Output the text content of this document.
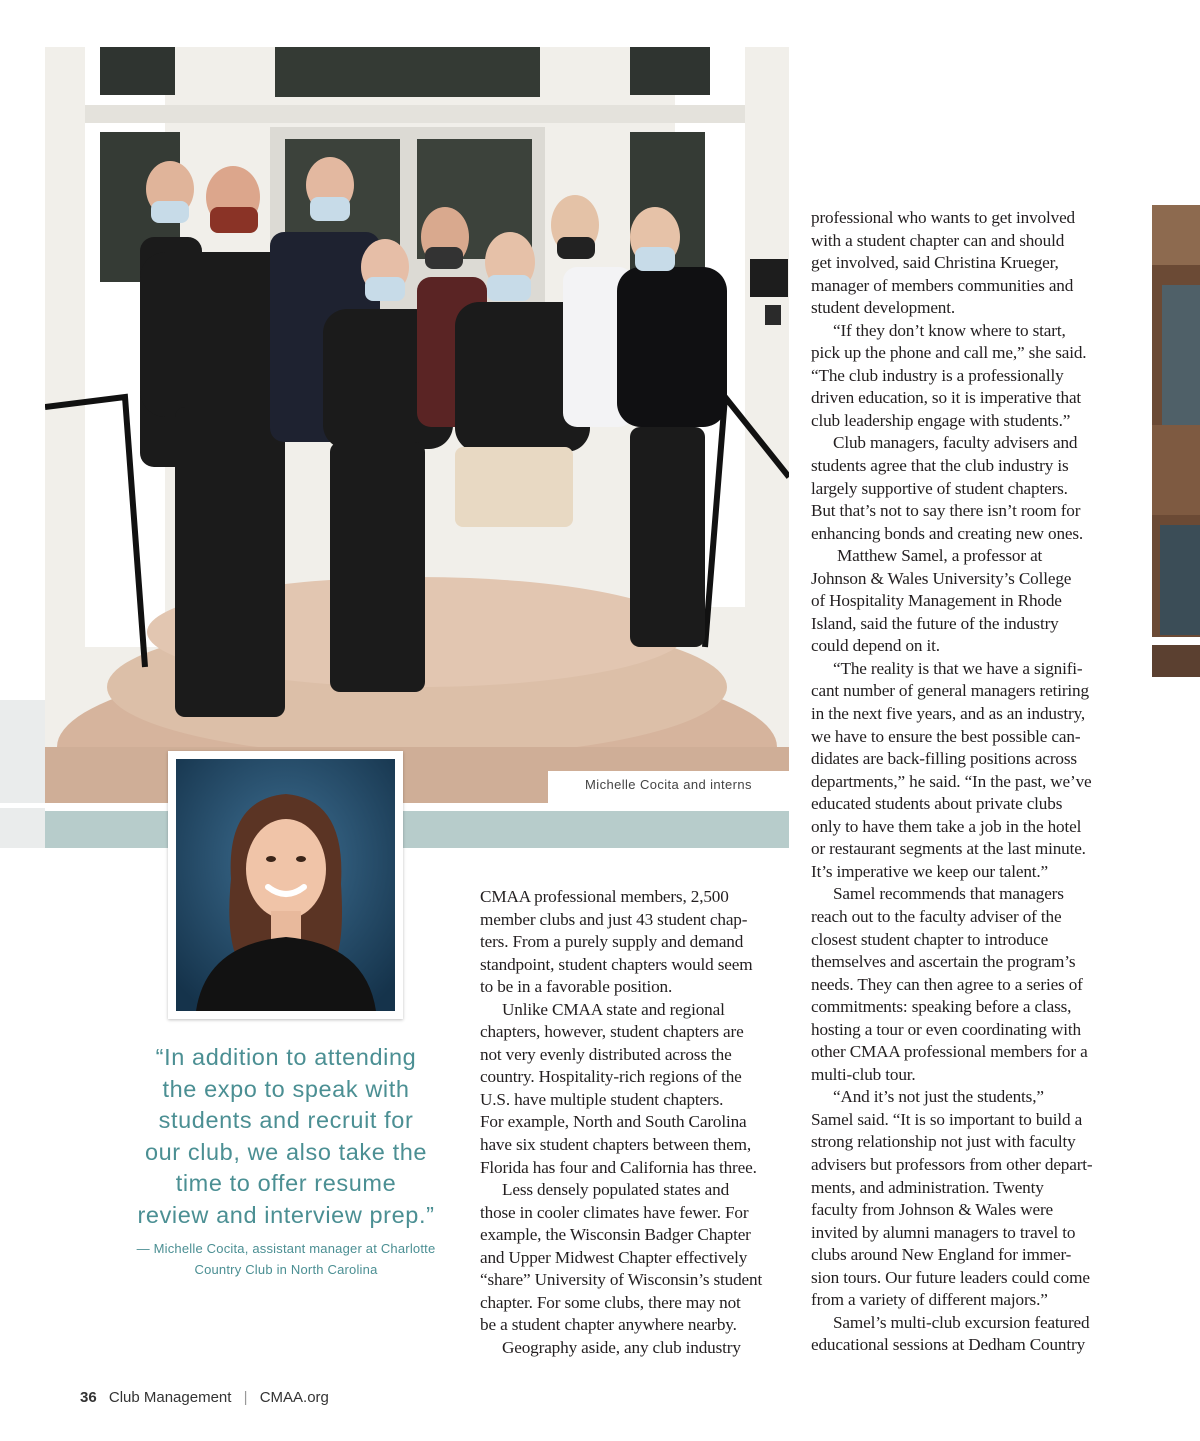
Michelle Cocita and interns
“In addition to attending
the expo to speak with
students and recruit for
our club, we also take the
time to offer resume
review and interview prep.”
— Michelle Cocita, assistant manager at Charlotte
Country Club in North Carolina
CMAA professional members, 2,500
member clubs and just 43 student chap-
ters. From a purely supply and demand
standpoint, student chapters would seem
to be in a favorable position.
Unlike CMAA state and regional
chapters, however, student chapters are
not very evenly distributed across the
country. Hospitality-rich regions of the
U.S. have multiple student chapters.
For example, North and South Carolina
have six student chapters between them,
Florida has four and California has three.
Less densely populated states and
those in cooler climates have fewer. For
example, the Wisconsin Badger Chapter
and Upper Midwest Chapter effectively
“share” University of Wisconsin’s student
chapter. For some clubs, there may not
be a student chapter anywhere nearby.
Geography aside, any club industry
professional who wants to get involved
with a student chapter can and should
get involved, said Christina Krueger,
manager of members communities and
student development.
“If they don’t know where to start,
pick up the phone and call me,” she said.
“The club industry is a professionally
driven education, so it is imperative that
club leadership engage with students.”
Club managers, faculty advisers and
students agree that the club industry is
largely supportive of student chapters.
But that’s not to say there isn’t room for
enhancing bonds and creating new ones.
Matthew Samel, a professor at
Johnson & Wales University’s College
of Hospitality Management in Rhode
Island, said the future of the industry
could depend on it.
“The reality is that we have a signifi-
cant number of general managers retiring
in the next five years, and as an industry,
we have to ensure the best possible can-
didates are back-filling positions across
departments,” he said. “In the past, we’ve
educated students about private clubs
only to have them take a job in the hotel
or restaurant segments at the last minute.
It’s imperative we keep our talent.”
Samel recommends that managers
reach out to the faculty adviser of the
closest student chapter to introduce
themselves and ascertain the program’s
needs. They can then agree to a series of
commitments: speaking before a class,
hosting a tour or even coordinating with
other CMAA professional members for a
multi-club tour.
“And it’s not just the students,”
Samel said. “It is so important to build a
strong relationship not just with faculty
advisers but professors from other depart-
ments, and administration. Twenty
faculty from Johnson & Wales were
invited by alumni managers to travel to
clubs around New England for immer-
sion tours. Our future leaders could come
from a variety of different majors.”
Samel’s multi-club excursion featured
educational sessions at Dedham Country
36 Club Management | CMAA.org
